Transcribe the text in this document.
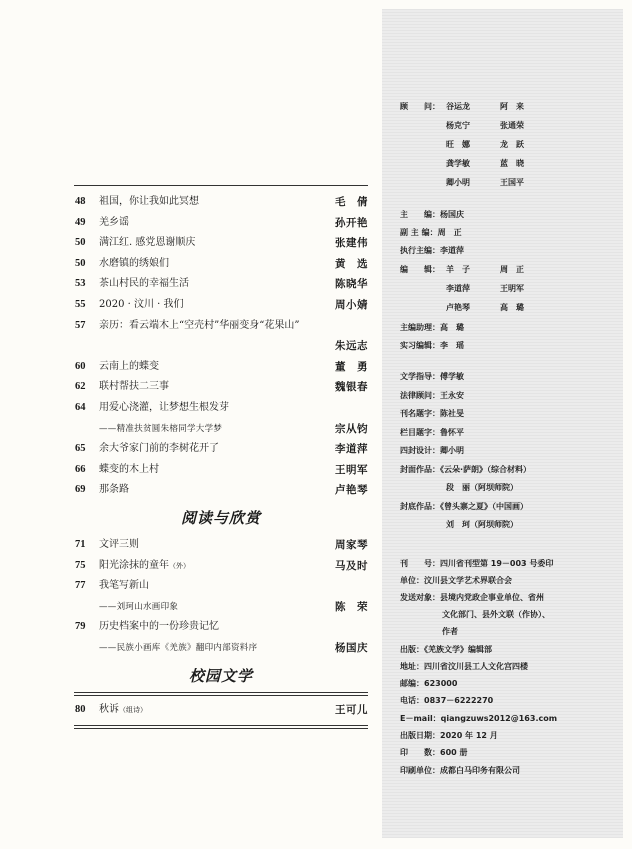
48 祖国，你让我如此冥想	毛　倩
49 羌乡谣	孙开艳
50 满江红. 感党恩谢顺庆	张建伟
50 水磨镇的绣娘们	黄　选
53 茶山村民的幸福生活	陈晓华
55 2020 · 汶川 · 我们	周小婧
57 亲历：看云端木上“空壳村”华丽变身“花果山”
朱远志
60 云南上的蝶变	董　勇
62 联村帮扶二三事	魏银春
64 用爱心浇灌，让梦想生根发芽
——精准扶贫圆朱榕同学大学梦	宗从钧
65 余大爷家门前的李树花开了	李道萍
66 蝶变的木上村	王明军
69 那条路	卢艳琴
阅读与欣赏
71 文评三则	周家琴
75 阳光涂抹的童年（外）	马及时
77 我笔写新山
——刘珂山水画印象	陈　荣
79 历史档案中的一份珍贵记忆
——民族小画库《羌族》翻印内部资料序	杨国庆
校园文学
80 秋诉（组诗）	王可儿
顾　　问： 谷运龙	阿　来
杨克宁	张通荣
旺　娜	龙　跃
龚学敏	蓝　晓
卿小明	王国平
主　　编：杨国庆
副 主 编：周　正
执行主编：李道萍
编　　辑： 羊　子	周　正
李道萍	王明军
卢艳琴	高　璐
主编助理：高　璐
实习编辑：李　瑶
文学指导：傅学敏
法律顾问：王永安
刊名题字：陈社旻
栏目题字：鲁怀平
四封设计：卿小明
封面作品：《云朵·萨朗》（综合材料）
段　丽（阿坝师院）
封底作品：《曾头寨之夏》（中国画）
刘　珂（阿坝师院）
刊　　号：四川省刊型第 19－003 号委印
单位：汶川县文学艺术界联合会
发送对象：县境内党政企事业单位、省州
文化部门、县外文联（作协）、
作者
出版：《羌族文学》编辑部
地址：四川省汶川县工人文化宫四楼
邮编：623000
电话：0837－6222270
E－mail：qiangzuws2012@163.com
出版日期：2020 年 12 月
印　　数：600 册
印刷单位：成都白马印务有限公司
